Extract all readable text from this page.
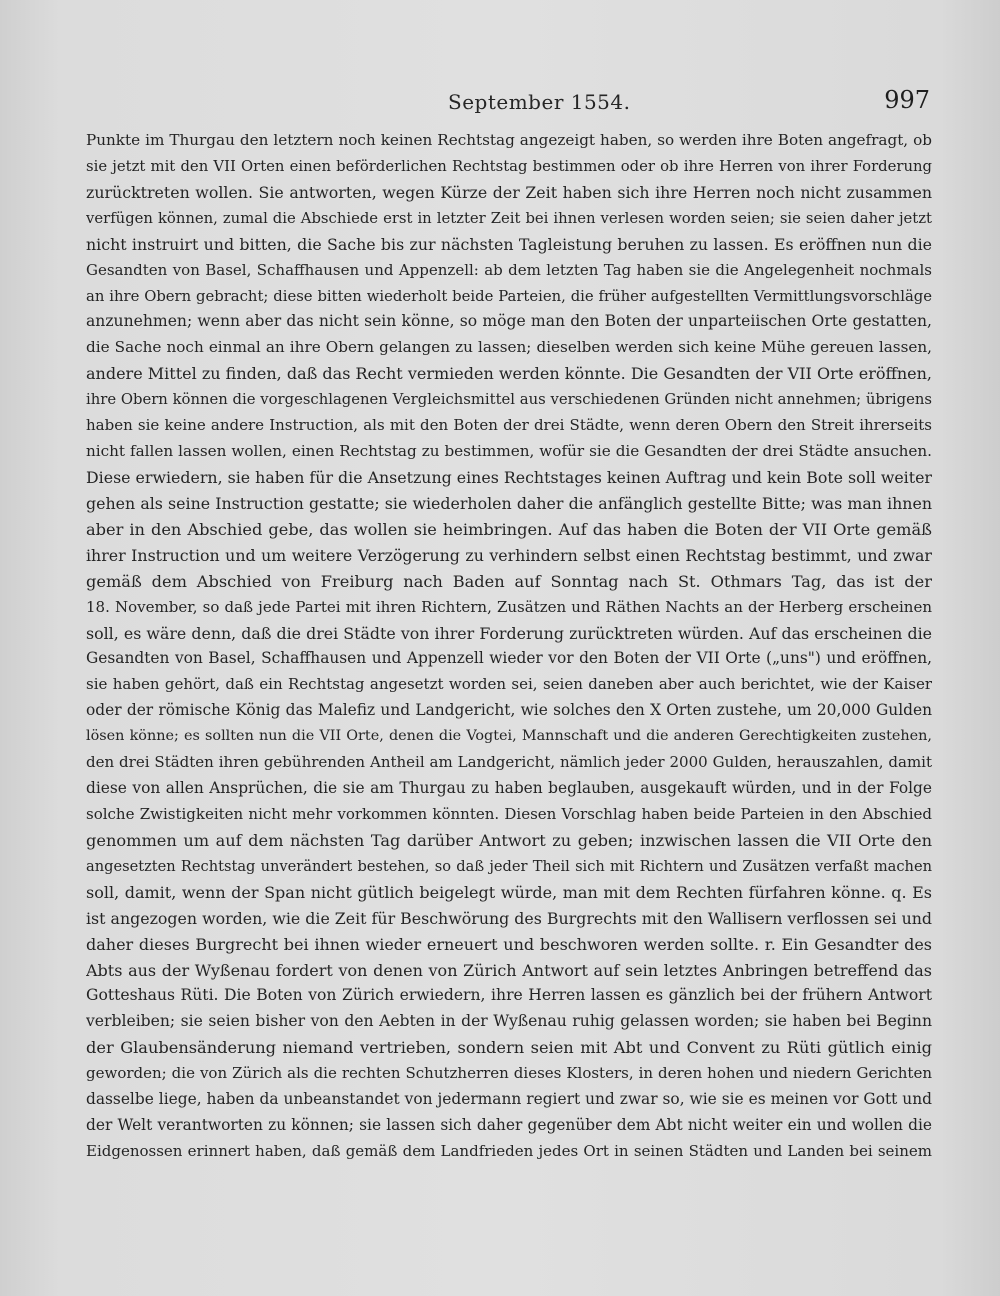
September 1554.	997
Punkte im Thurgau den letztern noch keinen Rechtstag angezeigt haben, so werden ihre Boten angefragt, ob
sie jetzt mit den VII Orten einen beförderlichen Rechtstag bestimmen oder ob ihre Herren von ihrer Forderung
zurücktreten wollen. Sie antworten, wegen Kürze der Zeit haben sich ihre Herren noch nicht zusammen
verfügen können, zumal die Abschiede erst in letzter Zeit bei ihnen verlesen worden seien; sie seien daher jetzt
nicht instruirt und bitten, die Sache bis zur nächsten Tagleistung beruhen zu lassen. Es eröffnen nun die
Gesandten von Basel, Schaffhausen und Appenzell: ab dem letzten Tag haben sie die Angelegenheit nochmals
an ihre Obern gebracht; diese bitten wiederholt beide Parteien, die früher aufgestellten Vermittlungsvorschläge
anzunehmen; wenn aber das nicht sein könne, so möge man den Boten der unparteiischen Orte gestatten,
die Sache noch einmal an ihre Obern gelangen zu lassen; dieselben werden sich keine Mühe gereuen lassen,
andere Mittel zu finden, daß das Recht vermieden werden könnte. Die Gesandten der VII Orte eröffnen,
ihre Obern können die vorgeschlagenen Vergleichsmittel aus verschiedenen Gründen nicht annehmen; übrigens
haben sie keine andere Instruction, als mit den Boten der drei Städte, wenn deren Obern den Streit ihrerseits
nicht fallen lassen wollen, einen Rechtstag zu bestimmen, wofür sie die Gesandten der drei Städte ansuchen.
Diese erwiedern, sie haben für die Ansetzung eines Rechtstages keinen Auftrag und kein Bote soll weiter
gehen als seine Instruction gestatte; sie wiederholen daher die anfänglich gestellte Bitte; was man ihnen
aber in den Abschied gebe, das wollen sie heimbringen. Auf das haben die Boten der VII Orte gemäß
ihrer Instruction und um weitere Verzögerung zu verhindern selbst einen Rechtstag bestimmt, und zwar
gemäß dem Abschied von Freiburg nach Baden auf Sonntag nach St. Othmars Tag, das ist der
18. November, so daß jede Partei mit ihren Richtern, Zusätzen und Räthen Nachts an der Herberg erscheinen
soll, es wäre denn, daß die drei Städte von ihrer Forderung zurücktreten würden. Auf das erscheinen die
Gesandten von Basel, Schaffhausen und Appenzell wieder vor den Boten der VII Orte („uns") und eröffnen,
sie haben gehört, daß ein Rechtstag angesetzt worden sei, seien daneben aber auch berichtet, wie der Kaiser
oder der römische König das Malefiz und Landgericht, wie solches den X Orten zustehe, um 20,000 Gulden
lösen könne; es sollten nun die VII Orte, denen die Vogtei, Mannschaft und die anderen Gerechtigkeiten zustehen,
den drei Städten ihren gebührenden Antheil am Landgericht, nämlich jeder 2000 Gulden, herauszahlen, damit
diese von allen Ansprüchen, die sie am Thurgau zu haben beglauben, ausgekauft würden, und in der Folge
solche Zwistigkeiten nicht mehr vorkommen könnten. Diesen Vorschlag haben beide Parteien in den Abschied
genommen um auf dem nächsten Tag darüber Antwort zu geben; inzwischen lassen die VII Orte den
angesetzten Rechtstag unverändert bestehen, so daß jeder Theil sich mit Richtern und Zusätzen verfaßt machen
soll, damit, wenn der Span nicht gütlich beigelegt würde, man mit dem Rechten fürfahren könne. q. Es
ist angezogen worden, wie die Zeit für Beschwörung des Burgrechts mit den Wallisern verflossen sei und
daher dieses Burgrecht bei ihnen wieder erneuert und beschworen werden sollte. r. Ein Gesandter des
Abts aus der Wyßenau fordert von denen von Zürich Antwort auf sein letztes Anbringen betreffend das
Gotteshaus Rüti. Die Boten von Zürich erwiedern, ihre Herren lassen es gänzlich bei der frühern Antwort
verbleiben; sie seien bisher von den Aebten in der Wyßenau ruhig gelassen worden; sie haben bei Beginn
der Glaubensänderung niemand vertrieben, sondern seien mit Abt und Convent zu Rüti gütlich einig
geworden; die von Zürich als die rechten Schutzherren dieses Klosters, in deren hohen und niedern Gerichten
dasselbe liege, haben da unbeanstandet von jedermann regiert und zwar so, wie sie es meinen vor Gott und
der Welt verantworten zu können; sie lassen sich daher gegenüber dem Abt nicht weiter ein und wollen die
Eidgenossen erinnert haben, daß gemäß dem Landfrieden jedes Ort in seinen Städten und Landen bei seinem
